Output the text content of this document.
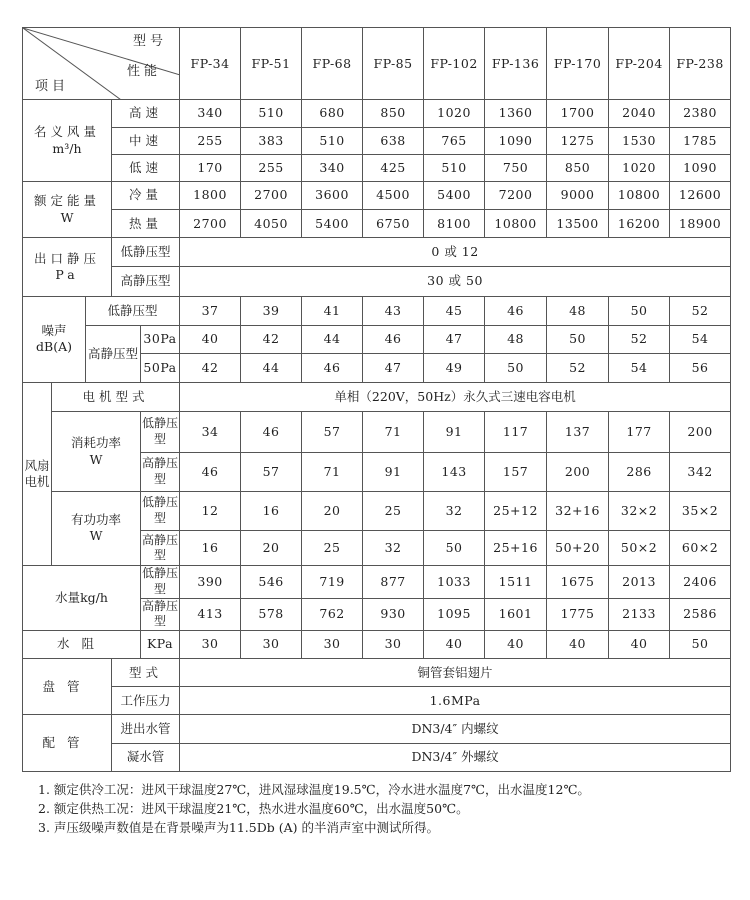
型号
性能
项目					FP-34	FP-51	FP-68	FP-85	FP-102	FP-136	FP-170	FP-204	FP-238

名义风量
m³/h			高速		340	510	680	850	1020	1360	1700	2040	2380
			中速		255	383	510	638	765	1090	1275	1530	1785
			低速		170	255	340	425	510	750	850	1020	1090

额定能量
W			冷量		1800	2700	3600	4500	5400	7200	9000	10800	12600
			热量		2700	4050	5400	6750	8100	10800	13500	16200	18900

出口静压
Pa			低静压型		0 或 12								
			高静压型		30 或 50								

噪声
dB(A)		低静压型			37	39	41	43	45	46	48	50	52
		高静压型		30Pa	40	42	44	46	47	48	50	52	54
				50Pa	42	44	46	47	49	50	52	54	56
风扇电机	电机型式				单相（220V，50Hz）永久式三速电容电机								

	消耗功率
W			低静压型	34	46	57	71	91	117	137	177	200
				高静压型	46	57	71	91	143	157	200	286	342

	有功功率
W			低静压型	12	16	20	25	32	25+12	32+16	32×2	35×2
				高静压型	16	20	25	32	50	25+16	50+20	50×2	60×2
水量kg/h				低静压型	390	546	719	877	1033	1511	1675	2013	2406
				高静压型	413	578	762	930	1095	1601	1775	2133	2586
水阻				KPa	30	30	30	30	40	40	40	40	50
盘管			型式		铜管套铝翅片								
			工作压力		1.6MPa								
配管			进出水管		DN3/4″ 内螺纹								
			凝水管		DN3/4″ 外螺纹								
1. 额定供冷工况：进风干球温度27℃，进风湿球温度19.5℃，冷水进水温度7℃，出水温度12℃。
2. 额定供热工况：进风干球温度21℃，热水进水温度60℃，出水温度50℃。
3. 声压级噪声数值是在背景噪声为11.5Db (A) 的半消声室中测试所得。
